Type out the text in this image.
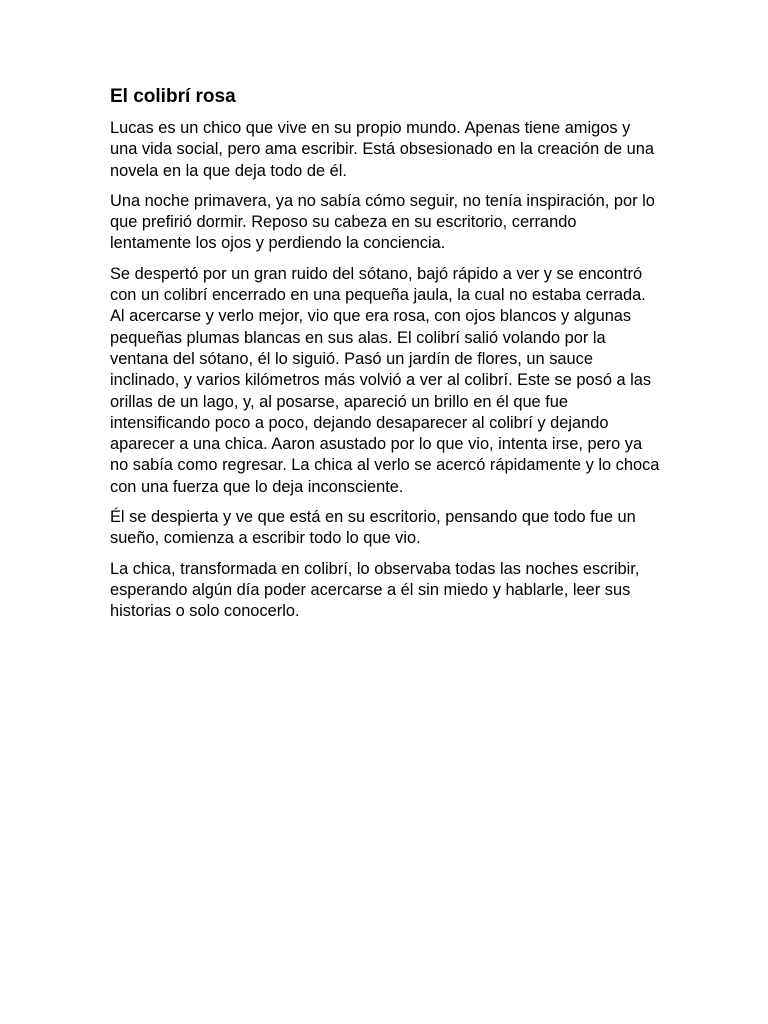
El colibrí rosa

Lucas es un chico que vive en su propio mundo. Apenas tiene amigos y una vida social, pero ama escribir. Está obsesionado en la creación de una novela en la que deja todo de él.

Una noche primavera, ya no sabía cómo seguir, no tenía inspiración, por lo que prefirió dormir. Reposo su cabeza en su escritorio, cerrando lentamente los ojos y perdiendo la conciencia.

Se despertó por un gran ruido del sótano, bajó rápido a ver y se encontró con un colibrí encerrado en una pequeña jaula, la cual no estaba cerrada. Al acercarse y verlo mejor, vio que era rosa, con ojos blancos y algunas pequeñas plumas blancas en sus alas. El colibrí salió volando por la ventana del sótano, él lo siguió. Pasó un jardín de flores, un sauce inclinado, y varios kilómetros más volvió a ver al colibrí. Este se posó a las orillas de un lago, y, al posarse, apareció un brillo en él que fue intensificando poco a poco, dejando desaparecer al colibrí y dejando aparecer a una chica. Aaron asustado por lo que vio, intenta irse, pero ya no sabía como regresar. La chica al verlo se acercó rápidamente y lo choca con una fuerza que lo deja inconsciente.

Él se despierta y ve que está en su escritorio, pensando que todo fue un sueño, comienza a escribir todo lo que vio.

La chica, transformada en colibrí, lo observaba todas las noches escribir, esperando algún día poder acercarse a él sin miedo y hablarle, leer sus historias o solo conocerlo.
